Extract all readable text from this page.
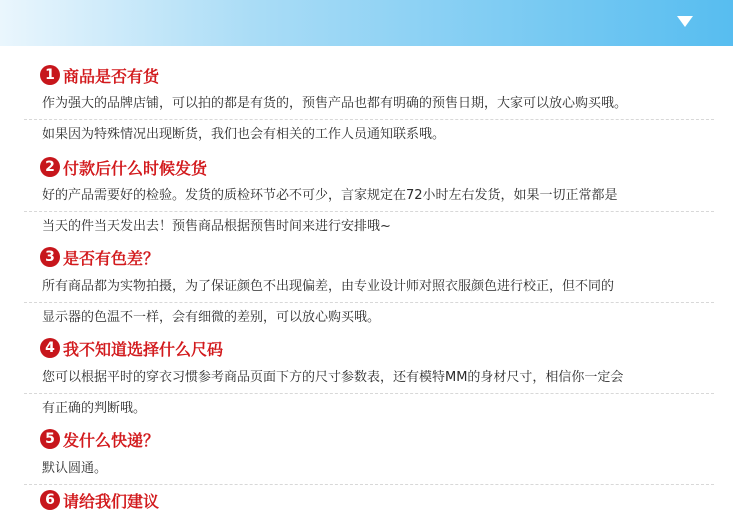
1 商品是否有货
作为强大的品牌店铺，可以拍的都是有货的，预售产品也都有明确的预售日期，大家可以放心购买哦。
如果因为特殊情况出现断货，我们也会有相关的工作人员通知联系哦。
2 付款后什么时候发货
好的产品需要好的检验。发货的质检环节必不可少，言家规定在72小时左右发货，如果一切正常都是
当天的件当天发出去！预售商品根据预售时间来进行安排哦~
3 是否有色差？
所有商品都为实物拍摄，为了保证颜色不出现偏差，由专业设计师对照衣服颜色进行校正，但不同的
显示器的色温不一样，会有细微的差别，可以放心购买哦。
4 我不知道选择什么尺码
您可以根据平时的穿衣习惯参考商品页面下方的尺寸参数表，还有模特MM的身材尺寸，相信你一定会
有正确的判断哦。
5 发什么快递？
默认圆通。
6 请给我们建议
